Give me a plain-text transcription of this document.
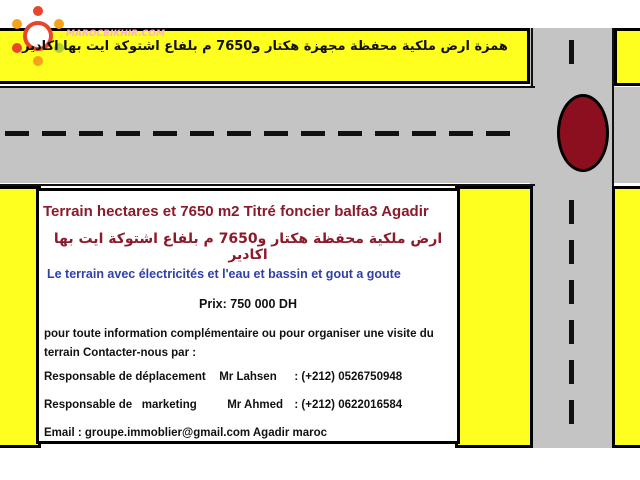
MAROCBIKHIR.COM
همزة ارض ملكية محفظة مجهزة هكتار و7650 م بلفاع اشتوكة ايت بها اكادير
Terrain hectares et 7650 m2 Titré foncier balfa3 Agadir
ارض ملكية محفظة هكتار و7650 م بلفاع اشتوكة ايت بها اكادير
Le terrain avec électricités et l'eau et bassin et gout a goute
Prix: 750 000 DH
pour toute information complémentaire ou pour organiser une visite du terrain Contacter-nous par :
Responsable de déplacement Mr Lahsen : (+212) 0526750948
Responsable de   marketing	Mr Ahmed : (+212) 0622016584
Email : groupe.immoblier@gmail.com Agadir maroc
